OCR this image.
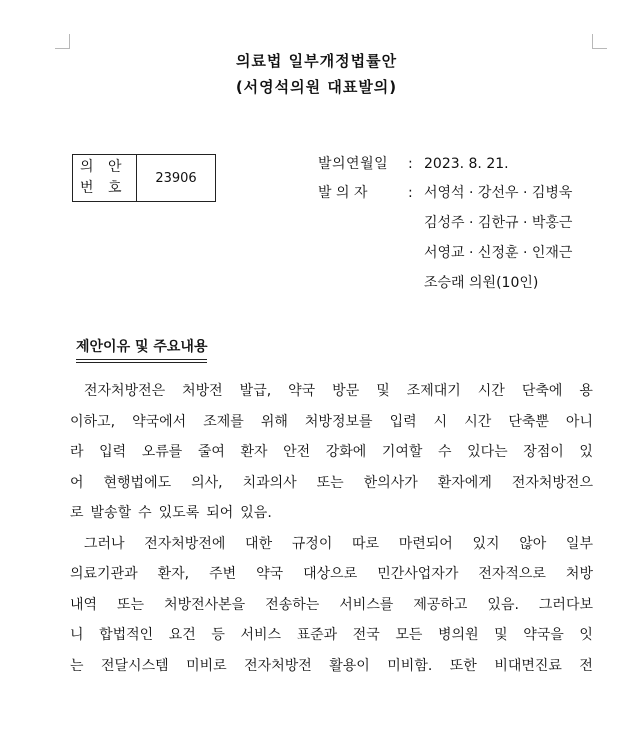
의료법 일부개정법률안
(서영석의원 대표발의)
의 안
번 호
23906
발의연월일 : 2023. 8. 21.
발 의 자	: 서영석 · 강선우 · 김병욱
김성주 · 김한규 · 박홍근
서영교 · 신정훈 · 인재근
조승래 의원(10인)
제안이유 및 주요내용
전자처방전은 처방전 발급, 약국 방문 및 조제대기 시간 단축에 용
이하고, 약국에서 조제를 위해 처방정보를 입력 시 시간 단축뿐 아니
라 입력 오류를 줄여 환자 안전 강화에 기여할 수 있다는 장점이 있
어 현행법에도 의사, 치과의사 또는 한의사가 환자에게 전자처방전으
로 발송할 수 있도록 되어 있음.
그러나 전자처방전에 대한 규정이 따로 마련되어 있지 않아 일부
의료기관과 환자, 주변 약국 대상으로 민간사업자가 전자적으로 처방
내역 또는 처방전사본을 전송하는 서비스를 제공하고 있음. 그러다보
니 합법적인 요건 등 서비스 표준과 전국 모든 병의원 및 약국을 잇
는 전달시스템 미비로 전자처방전 활용이 미비함. 또한 비대면진료 전
